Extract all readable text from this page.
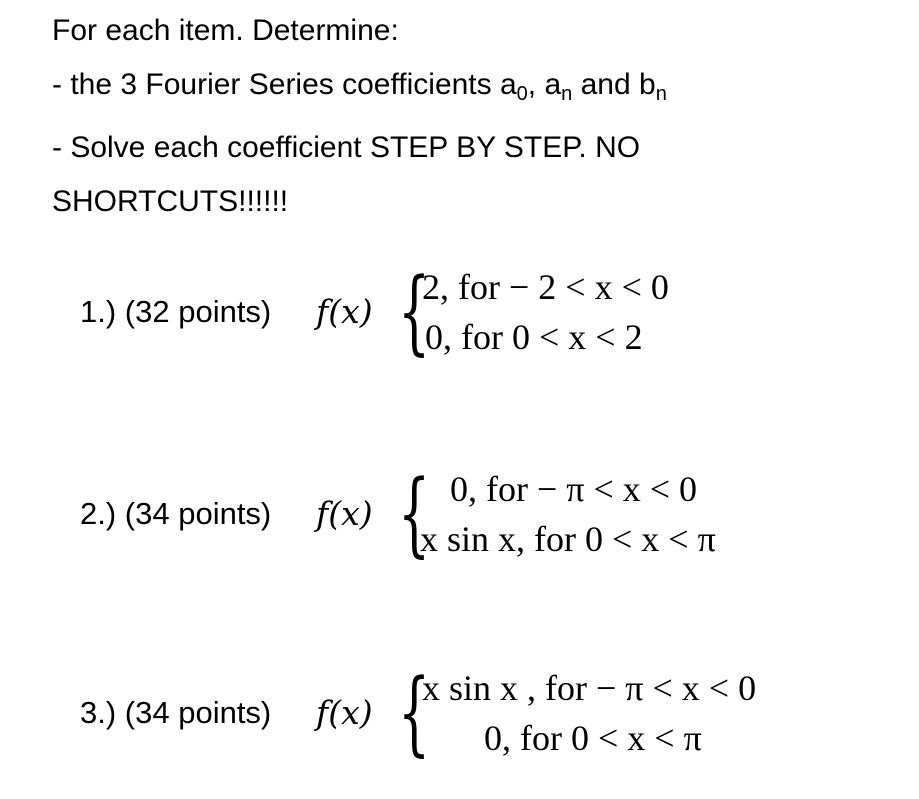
For each item. Determine:

- the 3 Fourier Series coefficients $a_0$, $a_n$ and $b_n$

- Solve each coefficient STEP BY STEP. NO

SHORTCUTS!!!!!!

1.) (32 points) f(x) {
2, for − 2 < x < 0
0, for 0 < x < 2
2.) (34 points) f(x) { 0, for − π < x < 0
x sin x, for 0 < x < π
3.) (34 points) f(x) {
x sin x , for − π < x < 0
0, for 0 < x < π
